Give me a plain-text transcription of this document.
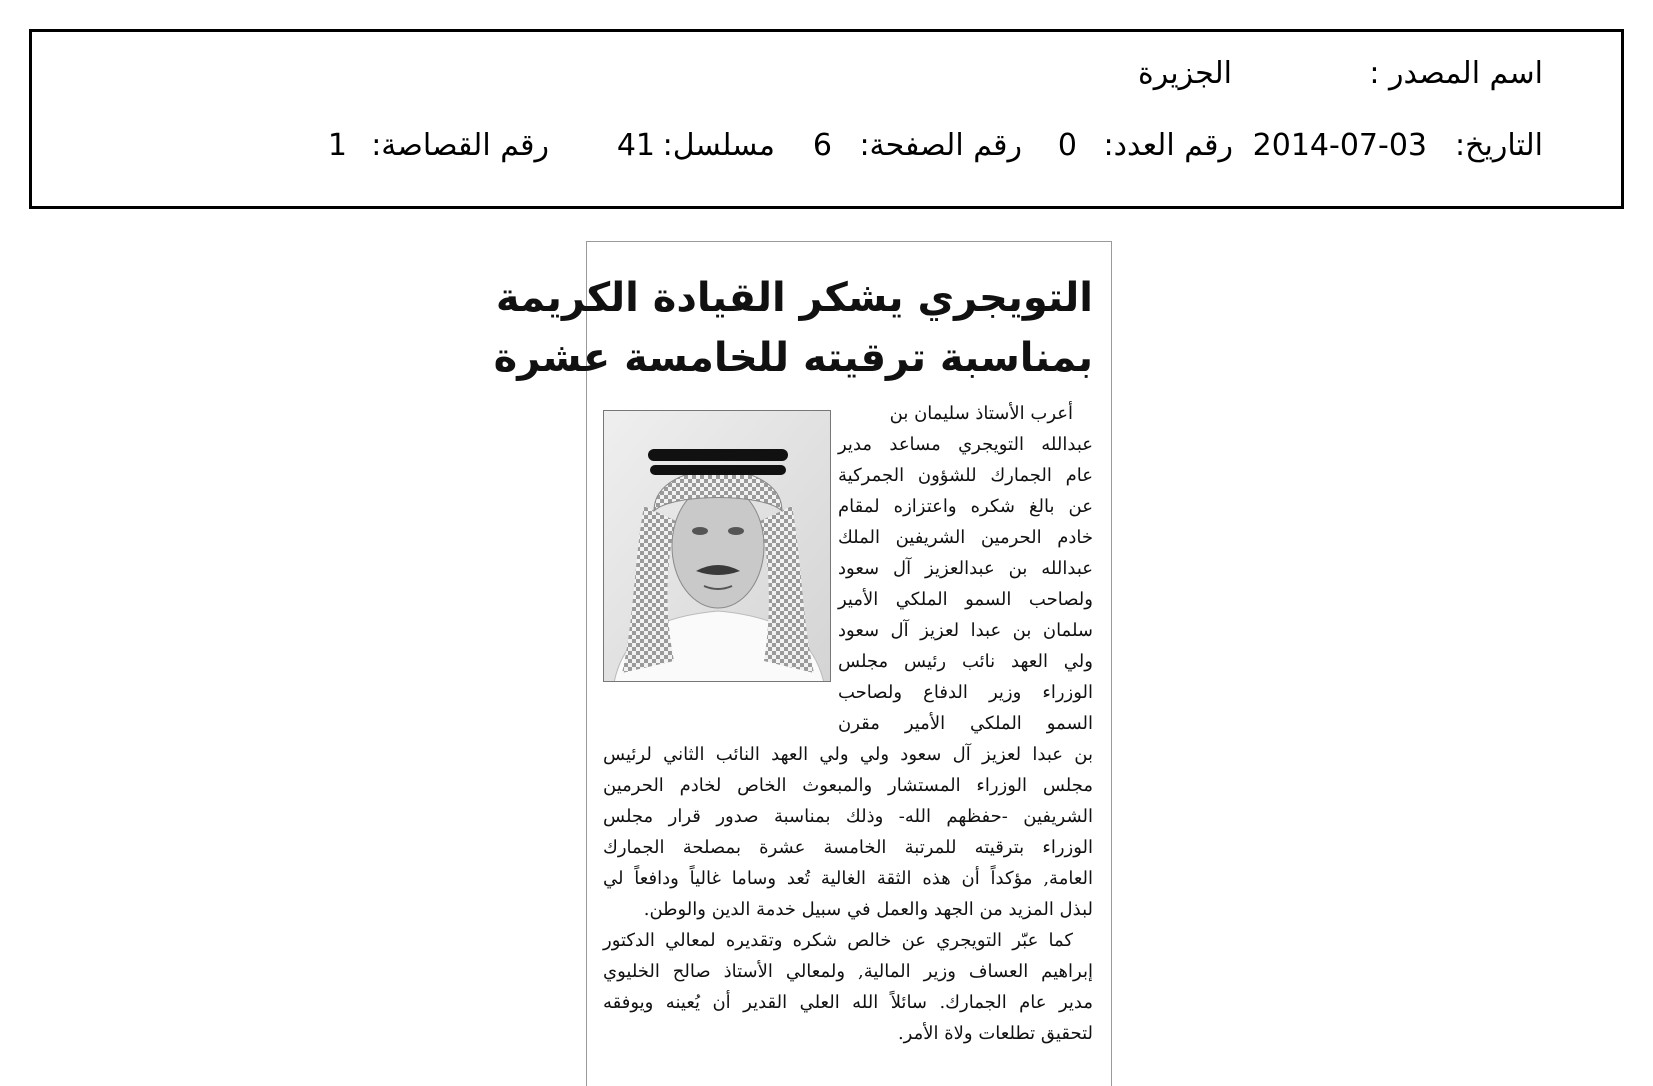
اسم المصدر :
الجزيرة
التاريخ:
2014-07-03
رقم العدد:
0
رقم الصفحة:
6
مسلسل:
41
رقم القصاصة:
1
التويجري يشكر القيادة الكريمة
بمناسبة ترقيته للخامسة عشرة
أعرب الأستاذ سليمان بن
عبدالله التويجري مساعد مدير
عام الجمارك للشؤون الجمركية
عن بالغ شكره واعتزازه لمقام
خادم الحرمين الشريفين الملك
عبدالله بن عبدالعزيز آل سعود
ولصاحب السمو الملكي الأمير
سلمان بن عبدا لعزيز آل سعود
ولي العهد نائب رئيس مجلس
الوزراء وزير الدفاع ولصاحب
السمو الملكي الأمير مقرن
بن عبدا لعزيز آل سعود ولي ولي العهد النائب الثاني لرئيس
مجلس الوزراء المستشار والمبعوث الخاص لخادم الحرمين
الشريفين -حفظهم الله- وذلك بمناسبة صدور قرار مجلس
الوزراء بترقيته للمرتبة الخامسة عشرة بمصلحة الجمارك
العامة, مؤكداً أن هذه الثقة الغالية تُعد وساما غالياً ودافعاً لي
لبذل المزيد من الجهد والعمل في سبيل خدمة الدين والوطن.
كما عبّر التويجري عن خالص شكره وتقديره لمعالي الدكتور
إبراهيم العساف وزير المالية, ولمعالي الأستاذ صالح الخليوي
مدير عام الجمارك. سائلاً الله العلي القدير أن يُعينه ويوفقه
لتحقيق تطلعات ولاة الأمر.
